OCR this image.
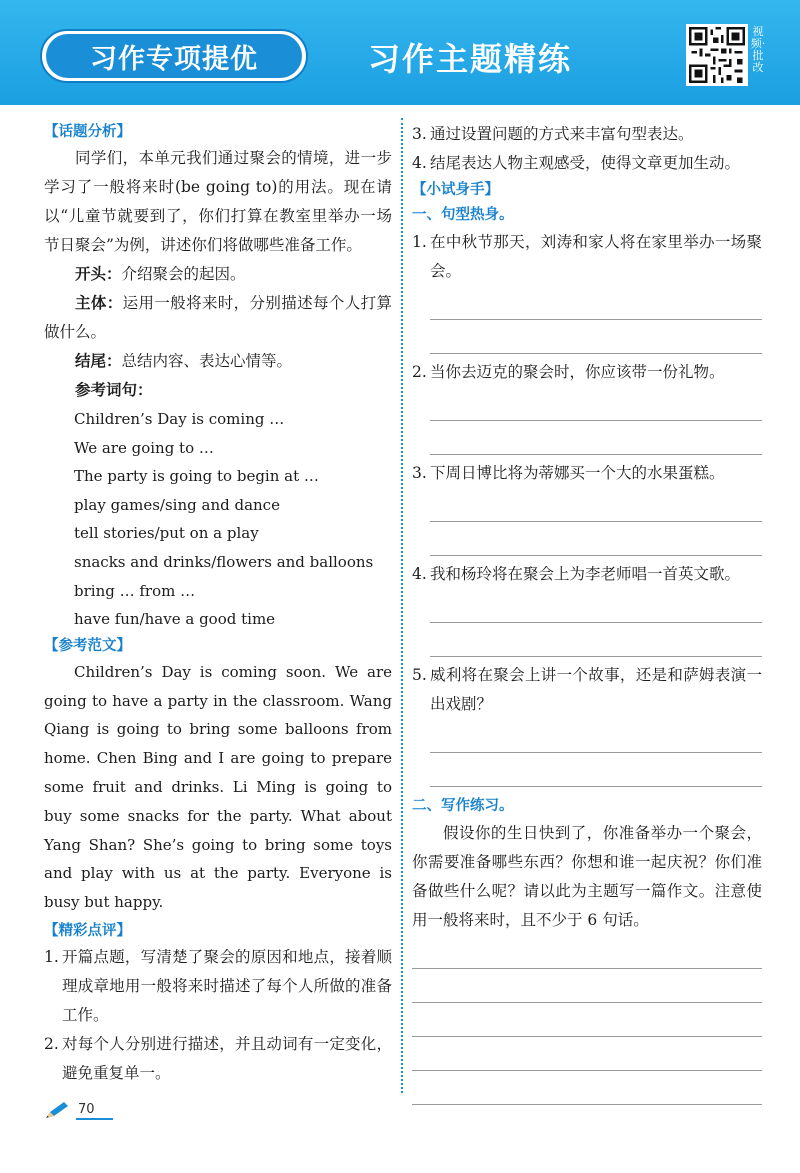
习作专项提优	习作主题精练
视频·批改
【话题分析】
同学们，本单元我们通过聚会的情境，进一步学习了一般将来时(be going to)的用法。现在请以“儿童节就要到了，你们打算在教室里举办一场节日聚会”为例，讲述你们将做哪些准备工作。
开头：介绍聚会的起因。
主体：运用一般将来时，分别描述每个人打算做什么。
结尾：总结内容、表达心情等。
参考词句：
Children’s Day is coming …
We are going to …
The party is going to begin at …
play games/sing and dance
tell stories/put on a play
snacks and drinks/flowers and balloons
bring … from …
have fun/have a good time
【参考范文】
Children’s Day is coming soon. We are going to have a party in the classroom. Wang Qiang is going to bring some balloons from home. Chen Bing and I are going to prepare some fruit and drinks. Li Ming is going to buy some snacks for the party. What about Yang Shan? She’s going to bring some toys and play with us at the party. Everyone is busy but happy.
【精彩点评】
1. 开篇点题，写清楚了聚会的原因和地点，接着顺理成章地用一般将来时描述了每个人所做的准备工作。
2. 对每个人分别进行描述，并且动词有一定变化，避免重复单一。
3. 通过设置问题的方式来丰富句型表达。
4. 结尾表达人物主观感受，使得文章更加生动。
【小试身手】
一、句型热身。
1. 在中秋节那天，刘涛和家人将在家里举办一场聚会。
2. 当你去迈克的聚会时，你应该带一份礼物。
3. 下周日博比将为蒂娜买一个大的水果蛋糕。
4. 我和杨玲将在聚会上为李老师唱一首英文歌。
5. 威利将在聚会上讲一个故事，还是和萨姆表演一出戏剧？
二、写作练习。
假设你的生日快到了，你准备举办一个聚会，你需要准备哪些东西？你想和谁一起庆祝？你们准备做些什么呢？请以此为主题写一篇作文。注意使用一般将来时，且不少于 6 句话。
70
